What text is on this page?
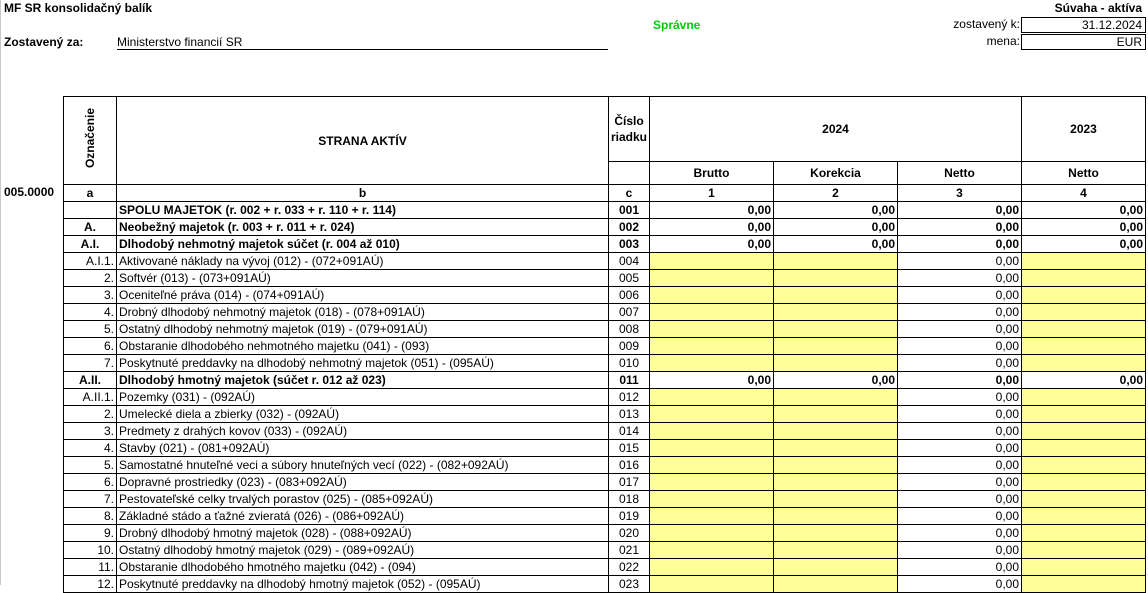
MF SR konsolidačný balík	Súvaha - aktíva
Správne
Zostavený za:	Ministerstvo financií SR
zostavený k:	31.12.2024
mena:	EUR
005.0000
Označenie	STRANA AKTÍV	Číslo riadku	2024			2023
			Brutto	Korekcia	Netto	Netto
a	b	c	1	2	3	4
	SPOLU MAJETOK (r. 002 + r. 033 + r. 110 + r. 114)	001	0,00	0,00	0,00	0,00
A.	Neobežný majetok (r. 003 + r. 011 + r. 024)	002	0,00	0,00	0,00	0,00
A.I.	Dlhodobý nehmotný majetok súčet (r. 004 až 010)	003	0,00	0,00	0,00	0,00
A.I.1.	Aktivované náklady na vývoj (012) - (072+091AÚ)	004			0,00	
2.	Softvér (013) - (073+091AÚ)	005			0,00	
3.	Oceniteľné práva (014) - (074+091AÚ)	006			0,00	
4.	Drobný dlhodobý nehmotný majetok (018) - (078+091AÚ)	007			0,00	
5.	Ostatný dlhodobý nehmotný majetok (019) - (079+091AÚ)	008			0,00	
6.	Obstaranie dlhodobého nehmotného majetku (041) - (093)	009			0,00	
7.	Poskytnuté preddavky na dlhodobý nehmotný majetok (051) - (095AÚ)	010			0,00	
A.II.	Dlhodobý hmotný majetok (súčet r. 012 až 023)	011	0,00	0,00	0,00	0,00
A.II.1.	Pozemky (031) - (092AÚ)	012			0,00	
2.	Umelecké diela a zbierky (032) - (092AÚ)	013			0,00	
3.	Predmety z drahých kovov (033) - (092AÚ)	014			0,00	
4.	Stavby (021) - (081+092AÚ)	015			0,00	
5.	Samostatné hnuteľné veci a súbory hnuteľných vecí (022) - (082+092AÚ)	016			0,00	
6.	Dopravné prostriedky (023) - (083+092AÚ)	017			0,00	
7.	Pestovateľské celky trvalých porastov (025) - (085+092AÚ)	018			0,00	
8.	Základné stádo a ťažné zvieratá (026) - (086+092AÚ)	019			0,00	
9.	Drobný dlhodobý hmotný majetok (028) - (088+092AÚ)	020			0,00	
10.	Ostatný dlhodobý hmotný majetok (029) - (089+092AÚ)	021			0,00	
11.	Obstaranie dlhodobého hmotného majetku (042) - (094)	022			0,00	
12.	Poskytnuté preddavky na dlhodobý hmotný majetok (052) - (095AÚ)	023			0,00	
